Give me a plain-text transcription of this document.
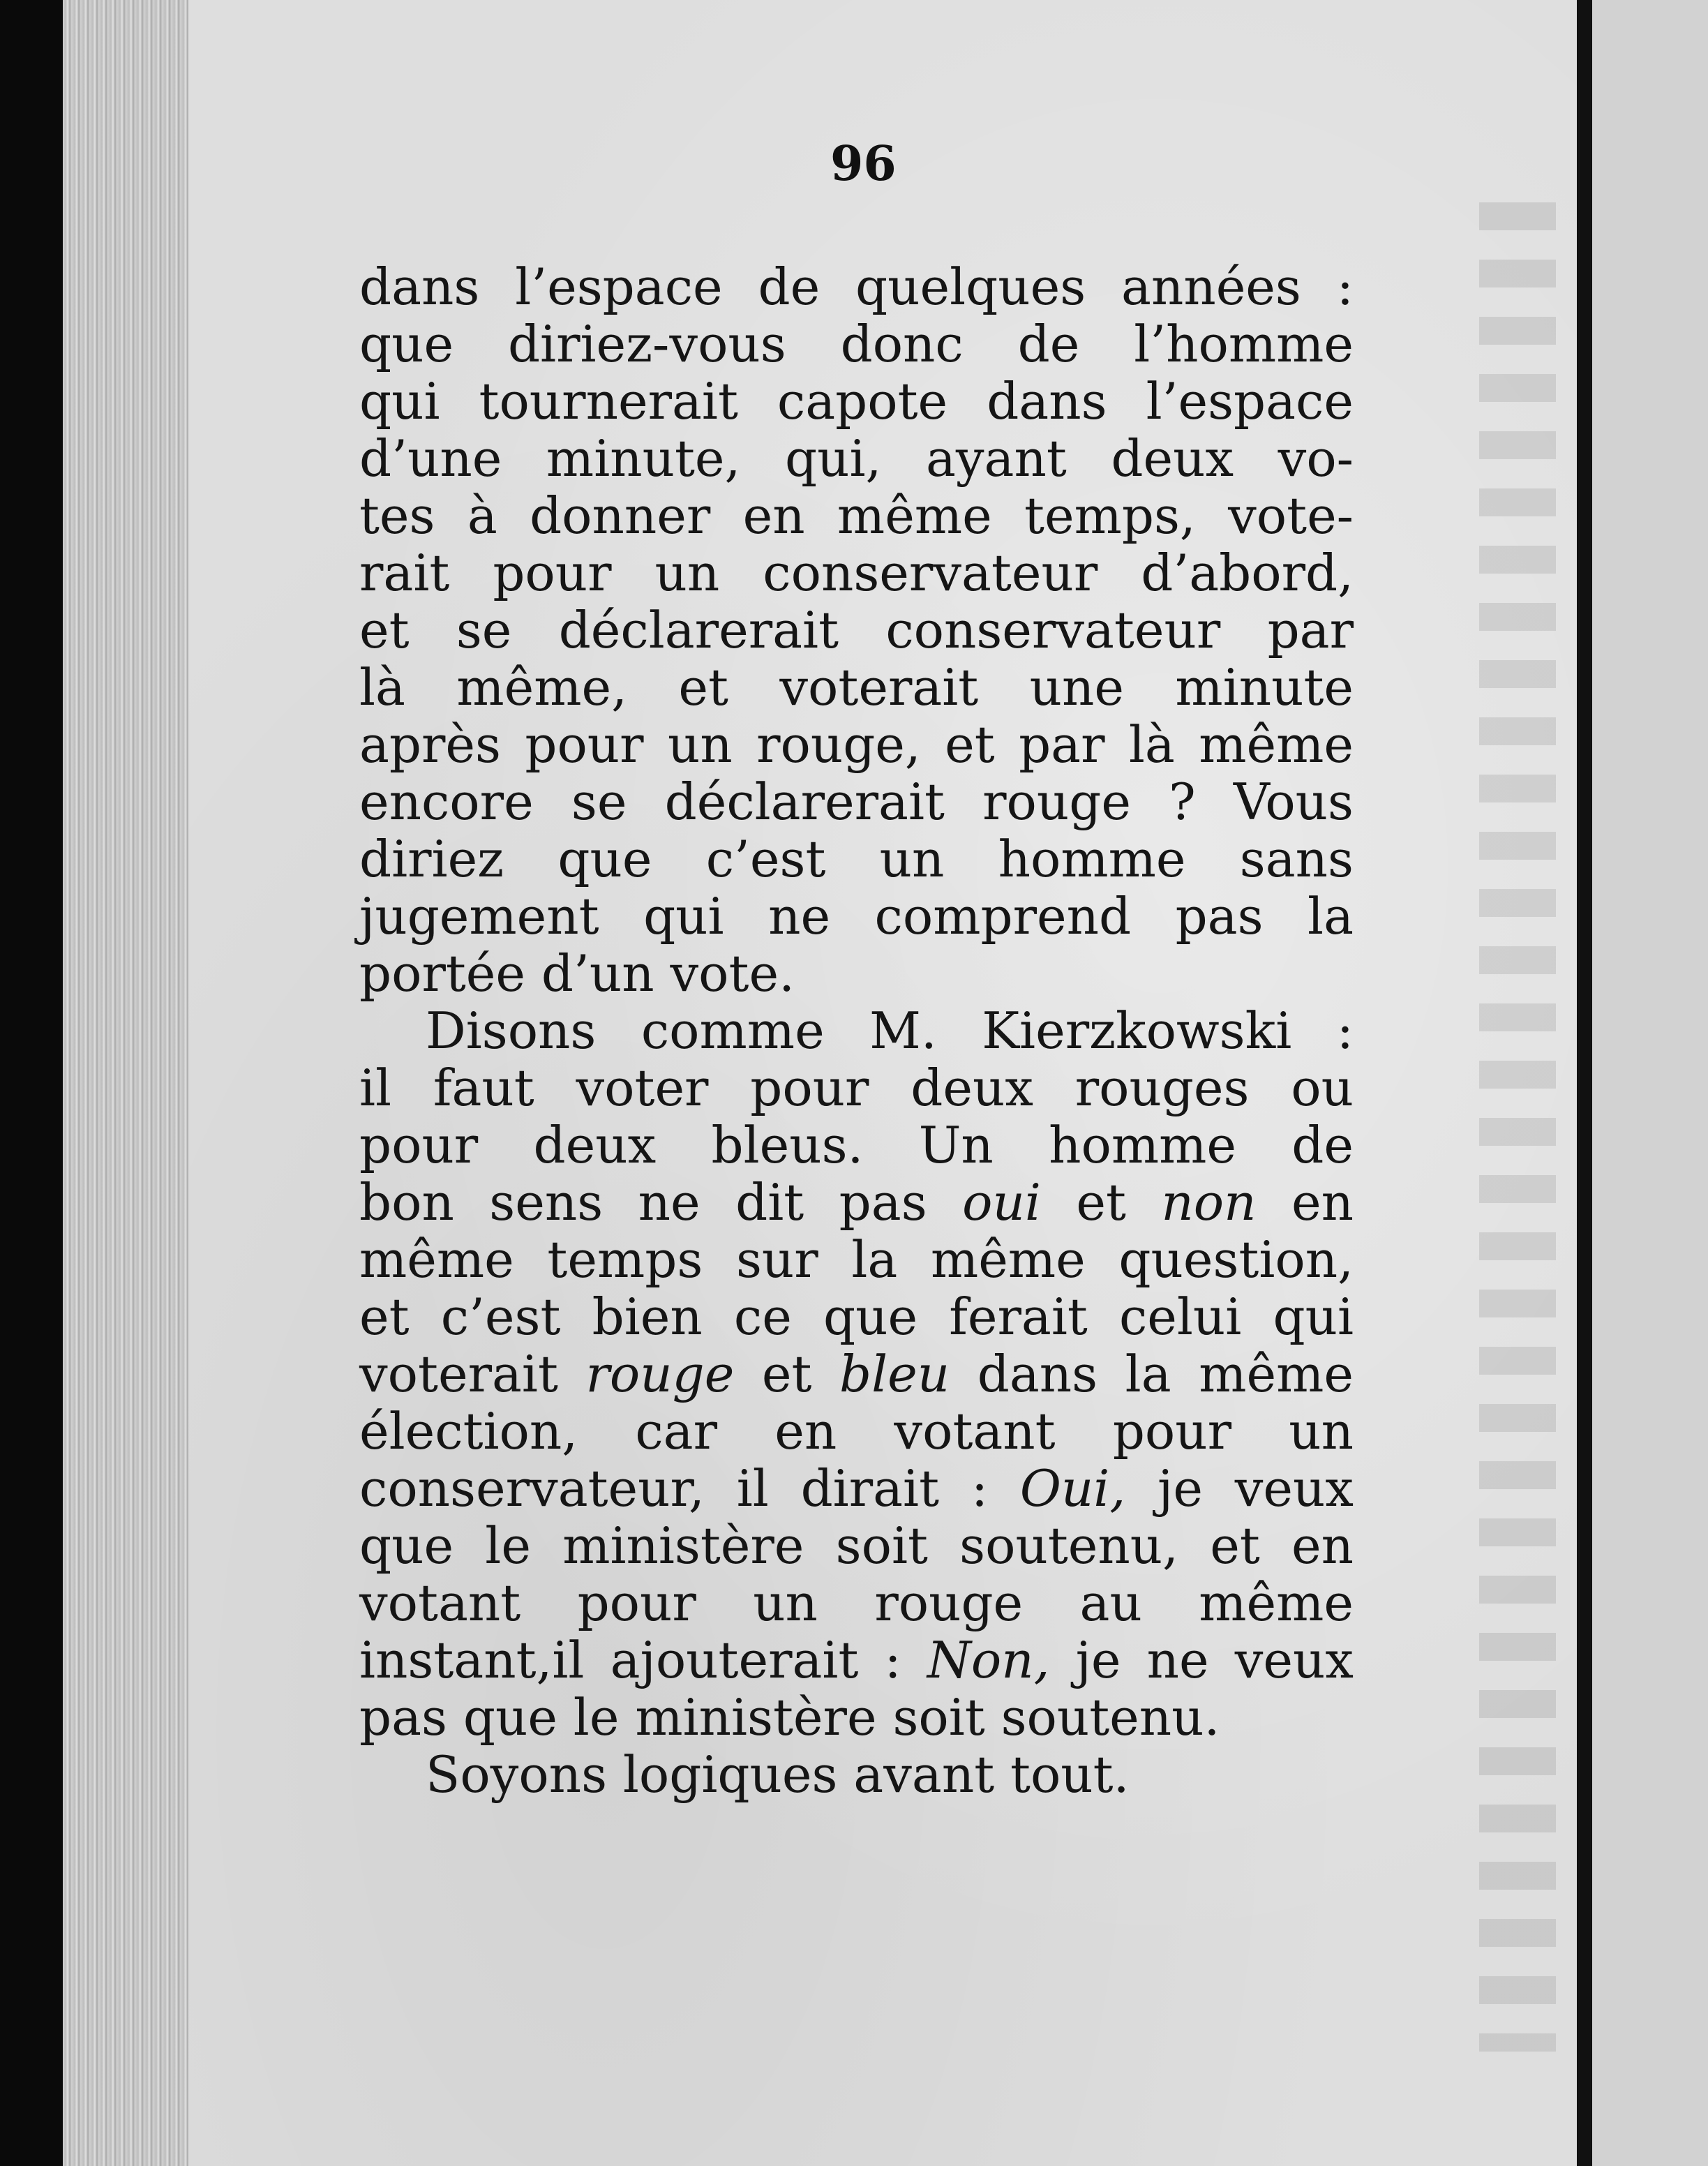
96
dans l’espace de quelques années :
que diriez-vous donc de l’homme
qui tournerait capote dans l’espace
d’une minute, qui, ayant deux vo-
tes à donner en même temps, vote-
rait pour un conservateur d’abord,
et se déclarerait conservateur par
là même, et voterait une minute
après pour un rouge, et par là même
encore se déclarerait rouge ? Vous
diriez que c’est un homme sans
jugement qui ne comprend pas la
portée d’un vote.
Disons comme M. Kierzkowski :
il faut voter pour deux rouges ou
pour deux bleus. Un homme de
bon sens ne dit pas oui et non en
même temps sur la même question,
et c’est bien ce que ferait celui qui
voterait rouge et bleu dans la même
élection, car en votant pour un
conservateur, il dirait : Oui, je veux
que le ministère soit soutenu, et en
votant pour un rouge au même
instant,il ajouterait : Non, je ne veux
pas que le ministère soit soutenu.
Soyons logiques avant tout.
